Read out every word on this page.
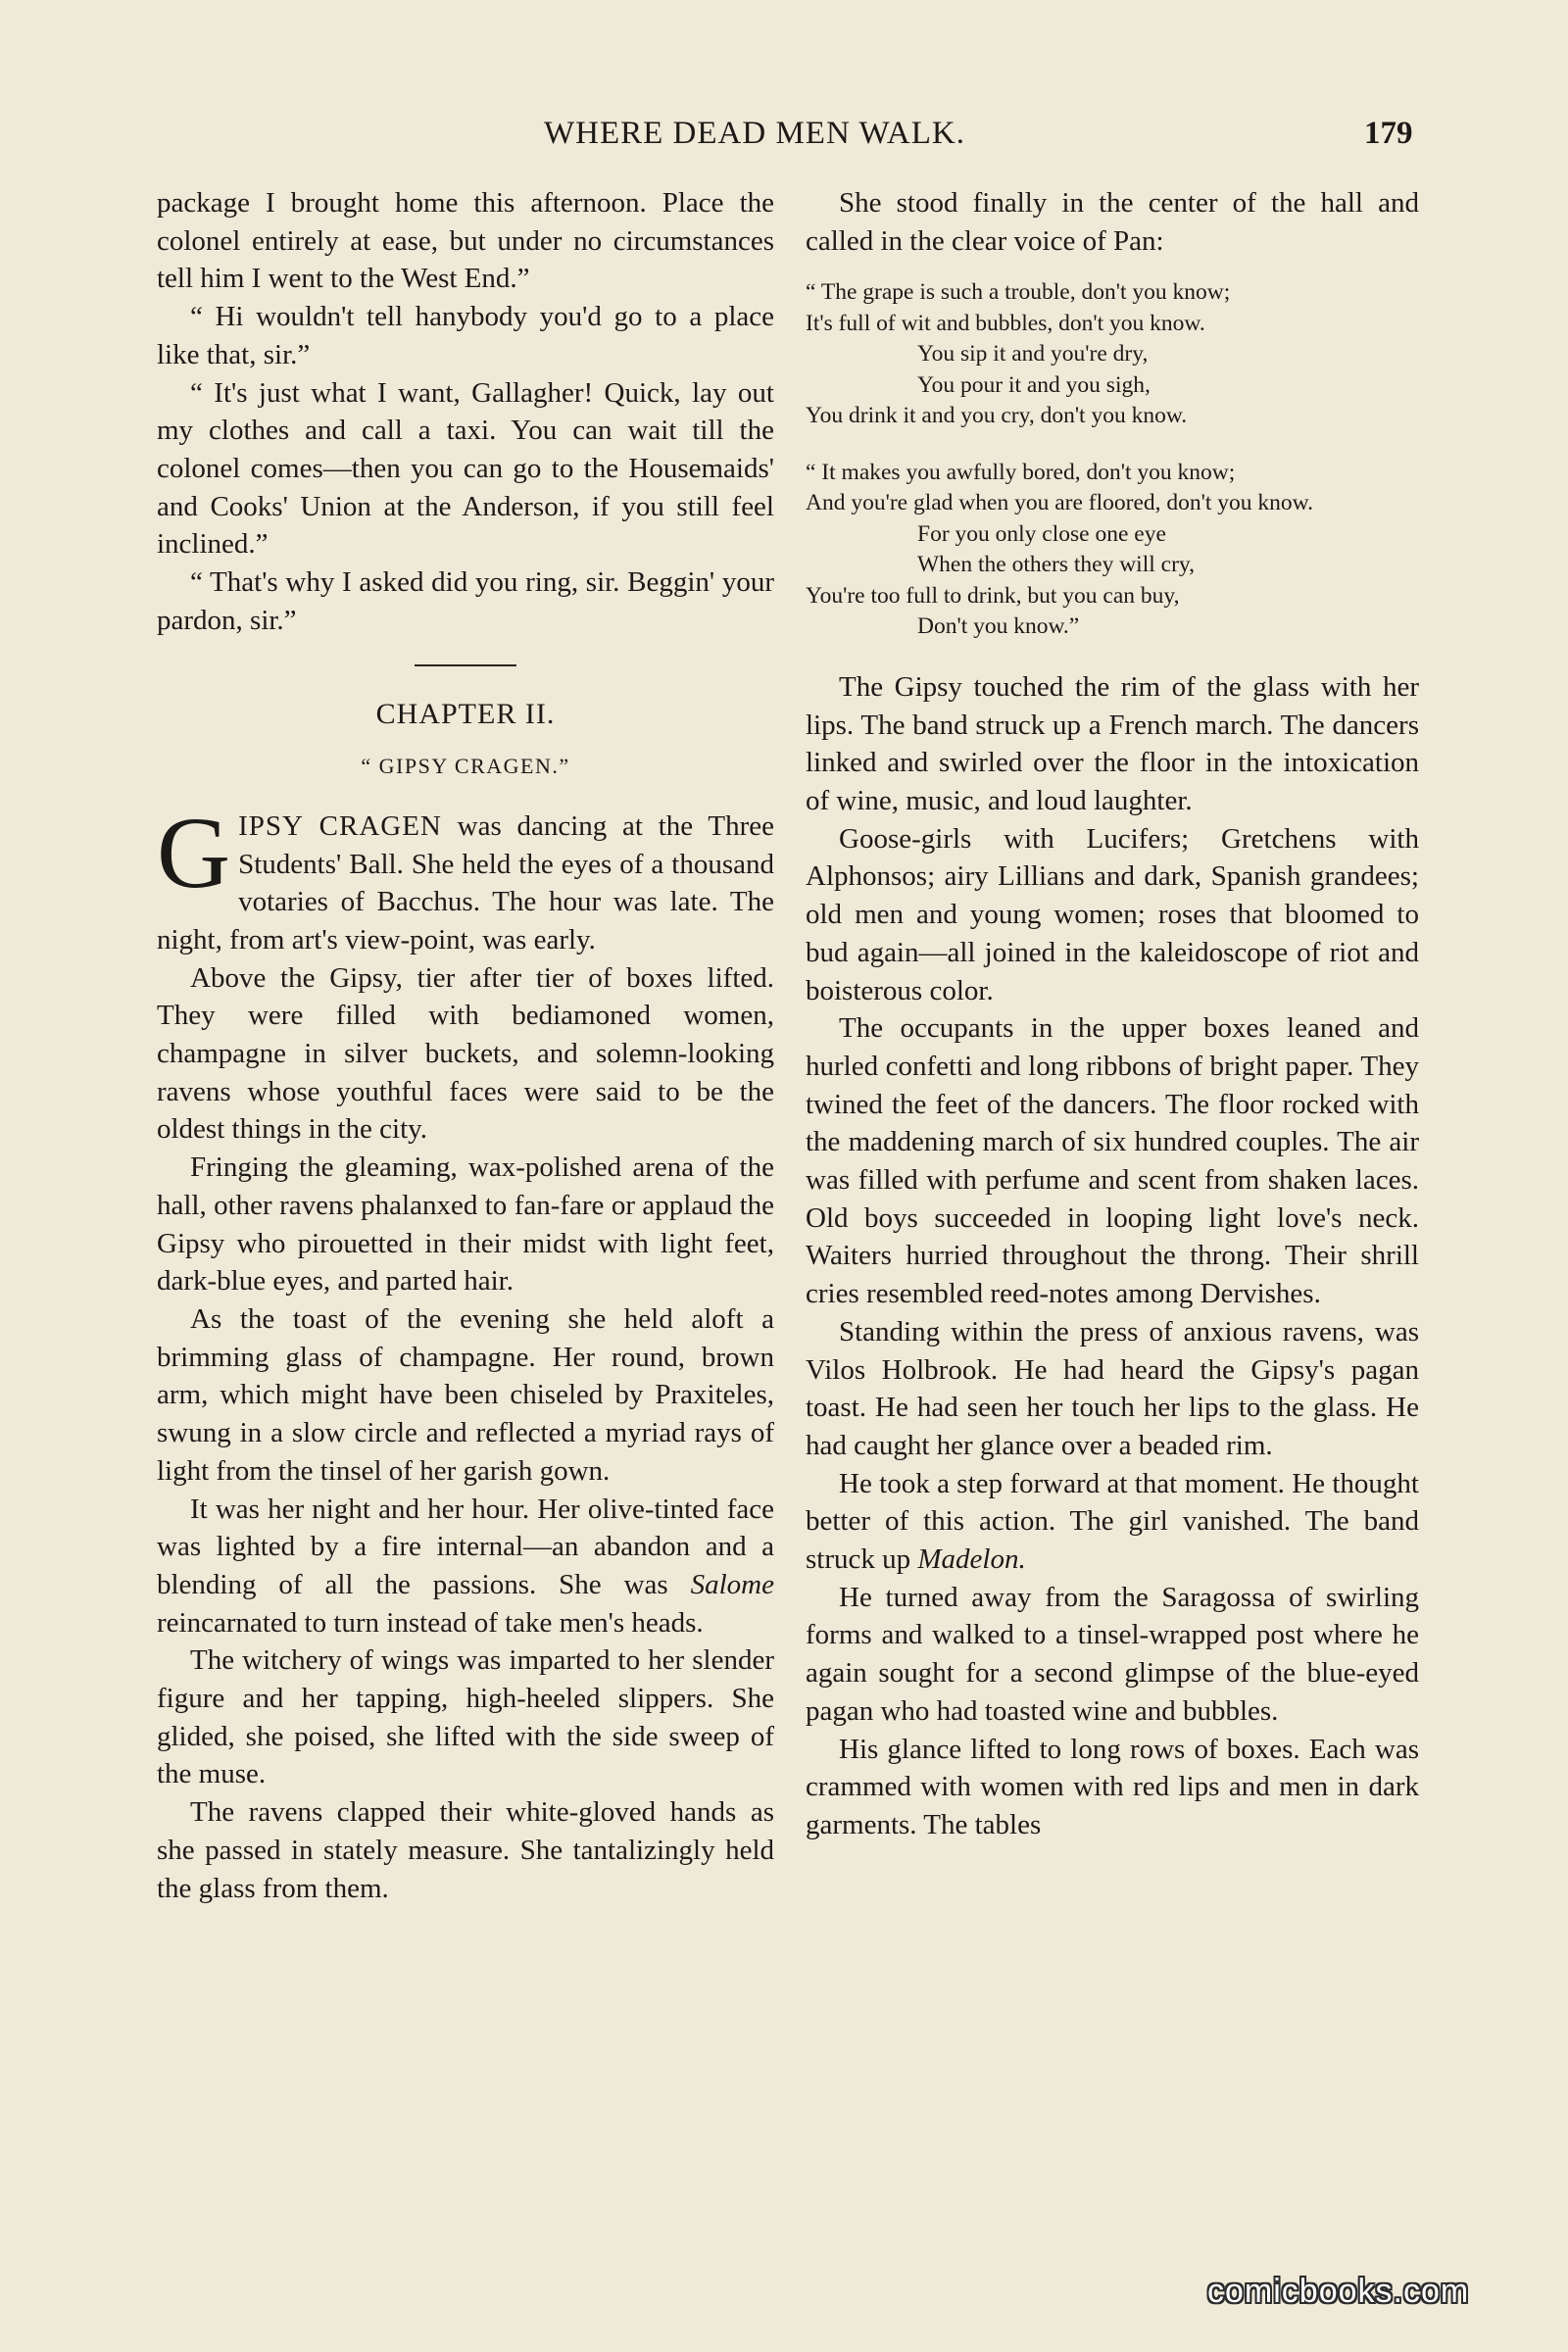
WHERE DEAD MEN WALK.	179

package I brought home this afternoon. Place the colonel entirely at ease, but under no circumstances tell him I went to the West End.”

“ Hi wouldn't tell hanybody you'd go to a place like that, sir.”

“ It's just what I want, Gallagher! Quick, lay out my clothes and call a taxi. You can wait till the colonel comes—then you can go to the Housemaids' and Cooks' Union at the Anderson, if you still feel inclined.”

“ That's why I asked did you ring, sir. Beggin' your pardon, sir.”

CHAPTER II.
“ GIPSY CRAGEN.”

GIPSY CRAGEN was dancing at the Three Students' Ball. She held the eyes of a thousand votaries of Bacchus. The hour was late. The night, from art's view-point, was early.

Above the Gipsy, tier after tier of boxes lifted. They were filled with bediamoned women, champagne in silver buckets, and solemn-looking ravens whose youthful faces were said to be the oldest things in the city.

Fringing the gleaming, wax-polished arena of the hall, other ravens phalanxed to fan-fare or applaud the Gipsy who pirouetted in their midst with light feet, dark-blue eyes, and parted hair.

As the toast of the evening she held aloft a brimming glass of champagne. Her round, brown arm, which might have been chiseled by Praxiteles, swung in a slow circle and reflected a myriad rays of light from the tinsel of her garish gown.

It was her night and her hour. Her olive-tinted face was lighted by a fire internal—an abandon and a blending of all the passions. She was Salome reincarnated to turn instead of take men's heads.

The witchery of wings was imparted to her slender figure and her tapping, high-heeled slippers. She glided, she poised, she lifted with the side sweep of the muse.

The ravens clapped their white-gloved hands as she passed in stately measure. She tantalizingly held the glass from them.

She stood finally in the center of the hall and called in the clear voice of Pan:

“ The grape is such a trouble, don't you know;
It's full of wit and bubbles, don't you know.
You sip it and you're dry,
You pour it and you sigh,
You drink it and you cry, don't you know.
“ It makes you awfully bored, don't you know;
And you're glad when you are floored, don't you know.
For you only close one eye
When the others they will cry,
You're too full to drink, but you can buy,
Don't you know.”

The Gipsy touched the rim of the glass with her lips. The band struck up a French march. The dancers linked and swirled over the floor in the intoxication of wine, music, and loud laughter.

Goose-girls with Lucifers; Gretchens with Alphonsos; airy Lillians and dark, Spanish grandees; old men and young women; roses that bloomed to bud again—all joined in the kaleidoscope of riot and boisterous color.

The occupants in the upper boxes leaned and hurled confetti and long ribbons of bright paper. They twined the feet of the dancers. The floor rocked with the maddening march of six hundred couples. The air was filled with perfume and scent from shaken laces. Old boys succeeded in looping light love's neck. Waiters hurried throughout the throng. Their shrill cries resembled reed-notes among Dervishes.

Standing within the press of anxious ravens, was Vilos Holbrook. He had heard the Gipsy's pagan toast. He had seen her touch her lips to the glass. He had caught her glance over a beaded rim.

He took a step forward at that moment. He thought better of this action. The girl vanished. The band struck up Madelon.

He turned away from the Saragossa of swirling forms and walked to a tinsel-wrapped post where he again sought for a second glimpse of the blue-eyed pagan who had toasted wine and bubbles.

His glance lifted to long rows of boxes. Each was crammed with women with red lips and men in dark garments. The tables

comicbooks.com
